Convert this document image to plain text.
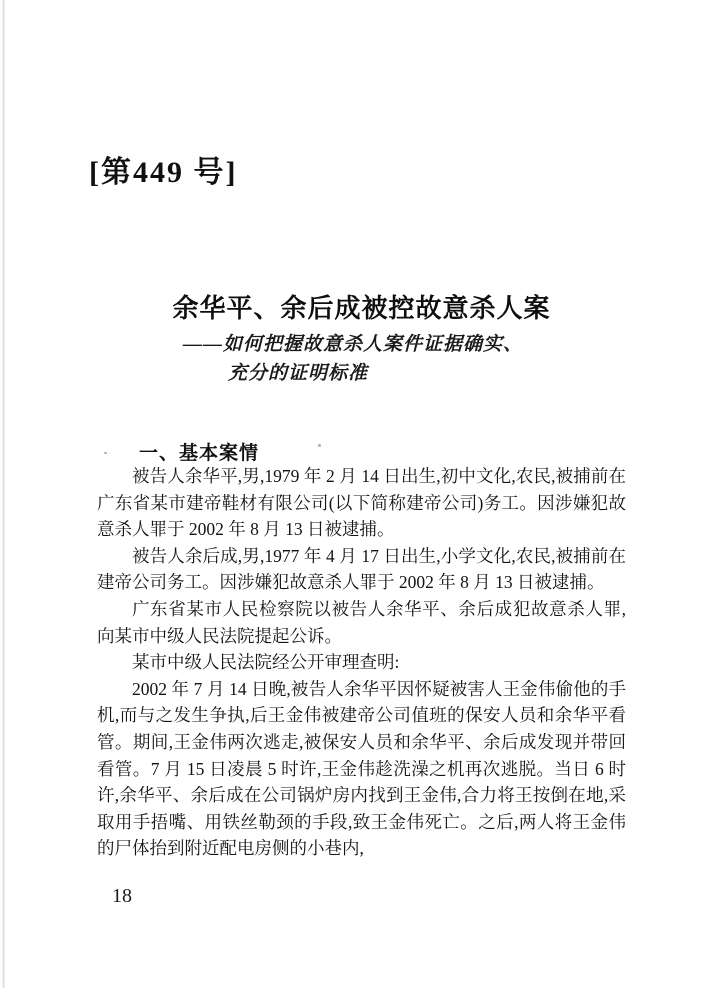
[第449 号]
余华平、余后成被控故意杀人案
——如何把握故意杀人案件证据确实、
充分的证明标准
一、基本案情

被告人余华平,男,1979 年 2 月 14 日出生,初中文化,农民,被捕前在广东省某市建帝鞋材有限公司(以下简称建帝公司)务工。因涉嫌犯故意杀人罪于 2002 年 8 月 13 日被逮捕。

被告人余后成,男,1977 年 4 月 17 日出生,小学文化,农民,被捕前在建帝公司务工。因涉嫌犯故意杀人罪于 2002 年 8 月 13 日被逮捕。

广东省某市人民检察院以被告人余华平、余后成犯故意杀人罪,向某市中级人民法院提起公诉。

某市中级人民法院经公开审理查明:

2002 年 7 月 14 日晚,被告人余华平因怀疑被害人王金伟偷他的手机,而与之发生争执,后王金伟被建帝公司值班的保安人员和余华平看管。期间,王金伟两次逃走,被保安人员和余华平、余后成发现并带回看管。7 月 15 日凌晨 5 时许,王金伟趁洗澡之机再次逃脱。当日 6 时许,余华平、余后成在公司锅炉房内找到王金伟,合力将王按倒在地,采取用手捂嘴、用铁丝勒颈的手段,致王金伟死亡。之后,两人将王金伟的尸体抬到附近配电房侧的小巷内,

18
